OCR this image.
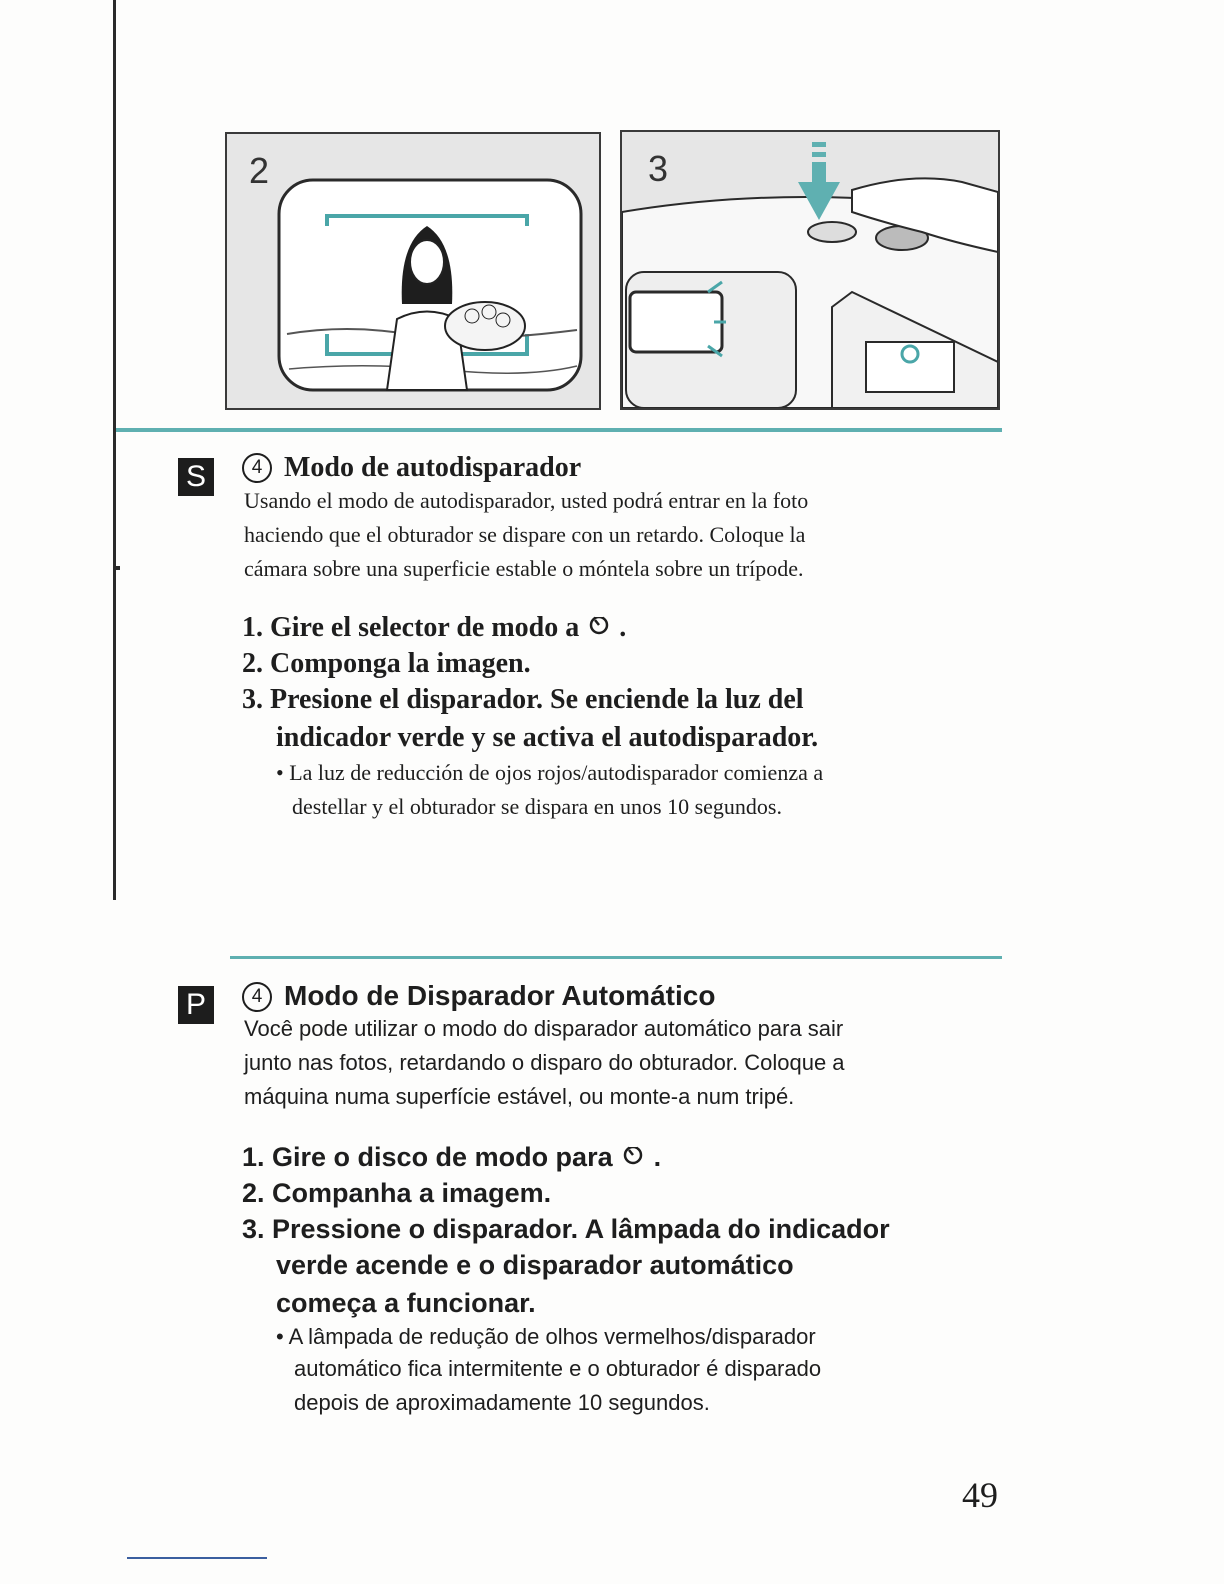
2	3
S	4 Modo de autodisparador
Usando el modo de autodisparador, usted podrá entrar en la foto
haciendo que el obturador se dispare con un retardo. Coloque la
cámara sobre una superficie estable o móntela sobre un trípode.
1. Gire el selector de modo a .
2. Componga la imagen.
3. Presione el disparador. Se enciende la luz del
indicador verde y se activa el autodisparador.
• La luz de reducción de ojos rojos/autodisparador comienza a
destellar y el obturador se dispara en unos 10 segundos.
P	4 Modo de Disparador Automático
Você pode utilizar o modo do disparador automático para sair
junto nas fotos, retardando o disparo do obturador. Coloque a
máquina numa superfície estável, ou monte-a num tripé.
1. Gire o disco de modo para .
2. Companha a imagem.
3. Pressione o disparador. A lâmpada do indicador
verde acende e o disparador automático
começa a funcionar.
• A lâmpada de redução de olhos vermelhos/disparador
automático fica intermitente e o obturador é disparado
depois de aproximadamente 10 segundos.
49
